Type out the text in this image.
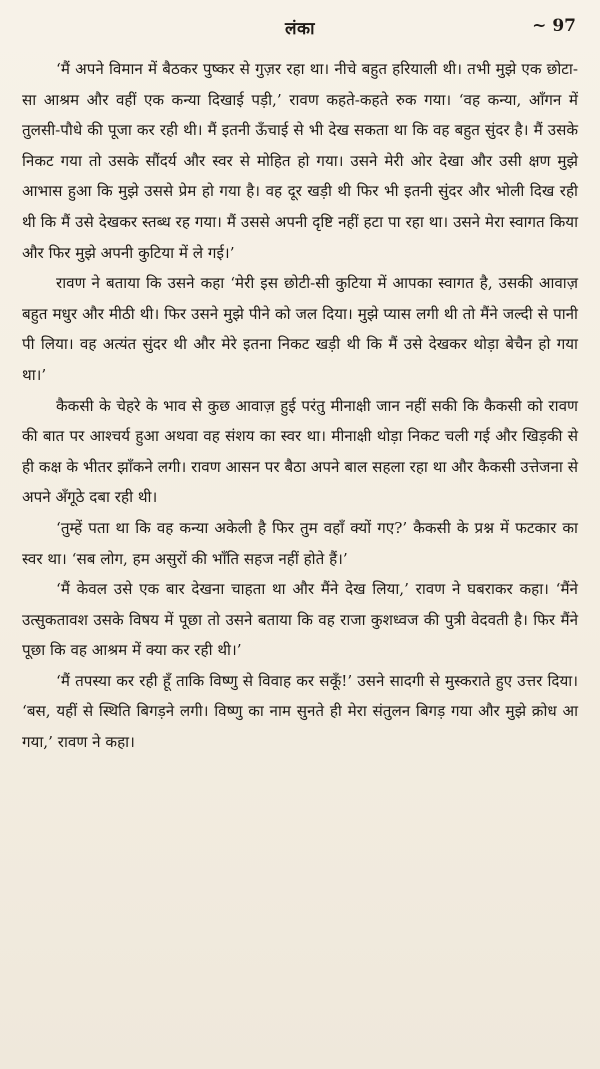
लंका	~ 97

‘मैं अपने विमान में बैठकर पुष्कर से गुज़र रहा था। नीचे बहुत हरियाली थी। तभी मुझे एक छोटा-सा आश्रम और वहीं एक कन्या दिखाई पड़ी,’ रावण कहते-कहते रुक गया। ‘वह कन्या, आँगन में तुलसी-पौधे की पूजा कर रही थी। मैं इतनी ऊँचाई से भी देख सकता था कि वह बहुत सुंदर है। मैं उसके निकट गया तो उसके सौंदर्य और स्वर से मोहित हो गया। उसने मेरी ओर देखा और उसी क्षण मुझे आभास हुआ कि मुझे उससे प्रेम हो गया है। वह दूर खड़ी थी फिर भी इतनी सुंदर और भोली दिख रही थी कि मैं उसे देखकर स्तब्ध रह गया। मैं उससे अपनी दृष्टि नहीं हटा पा रहा था। उसने मेरा स्वागत किया और फिर मुझे अपनी कुटिया में ले गई।’

रावण ने बताया कि उसने कहा ‘मेरी इस छोटी-सी कुटिया में आपका स्वागत है, उसकी आवाज़ बहुत मधुर और मीठी थी। फिर उसने मुझे पीने को जल दिया। मुझे प्यास लगी थी तो मैंने जल्दी से पानी पी लिया। वह अत्यंत सुंदर थी और मेरे इतना निकट खड़ी थी कि मैं उसे देखकर थोड़ा बेचैन हो गया था।’

कैकसी के चेहरे के भाव से कुछ आवाज़ हुई परंतु मीनाक्षी जान नहीं सकी कि कैकसी को रावण की बात पर आश्चर्य हुआ अथवा वह संशय का स्वर था। मीनाक्षी थोड़ा निकट चली गई और खिड़की से ही कक्ष के भीतर झाँकने लगी। रावण आसन पर बैठा अपने बाल सहला रहा था और कैकसी उत्तेजना से अपने अँगूठे दबा रही थी।

‘तुम्हें पता था कि वह कन्या अकेली है फिर तुम वहाँ क्यों गए?’ कैकसी के प्रश्न में फटकार का स्वर था। ‘सब लोग, हम असुरों की भाँति सहज नहीं होते हैं।’

‘मैं केवल उसे एक बार देखना चाहता था और मैंने देख लिया,’ रावण ने घबराकर कहा। ‘मैंने उत्सुकतावश उसके विषय में पूछा तो उसने बताया कि वह राजा कुशध्वज की पुत्री वेदवती है। फिर मैंने पूछा कि वह आश्रम में क्या कर रही थी।’

‘मैं तपस्या कर रही हूँ ताकि विष्णु से विवाह कर सकूँ!’ उसने सादगी से मुस्कराते हुए उत्तर दिया। ‘बस, यहीं से स्थिति बिगड़ने लगी। विष्णु का नाम सुनते ही मेरा संतुलन बिगड़ गया और मुझे क्रोध आ गया,’ रावण ने कहा।
